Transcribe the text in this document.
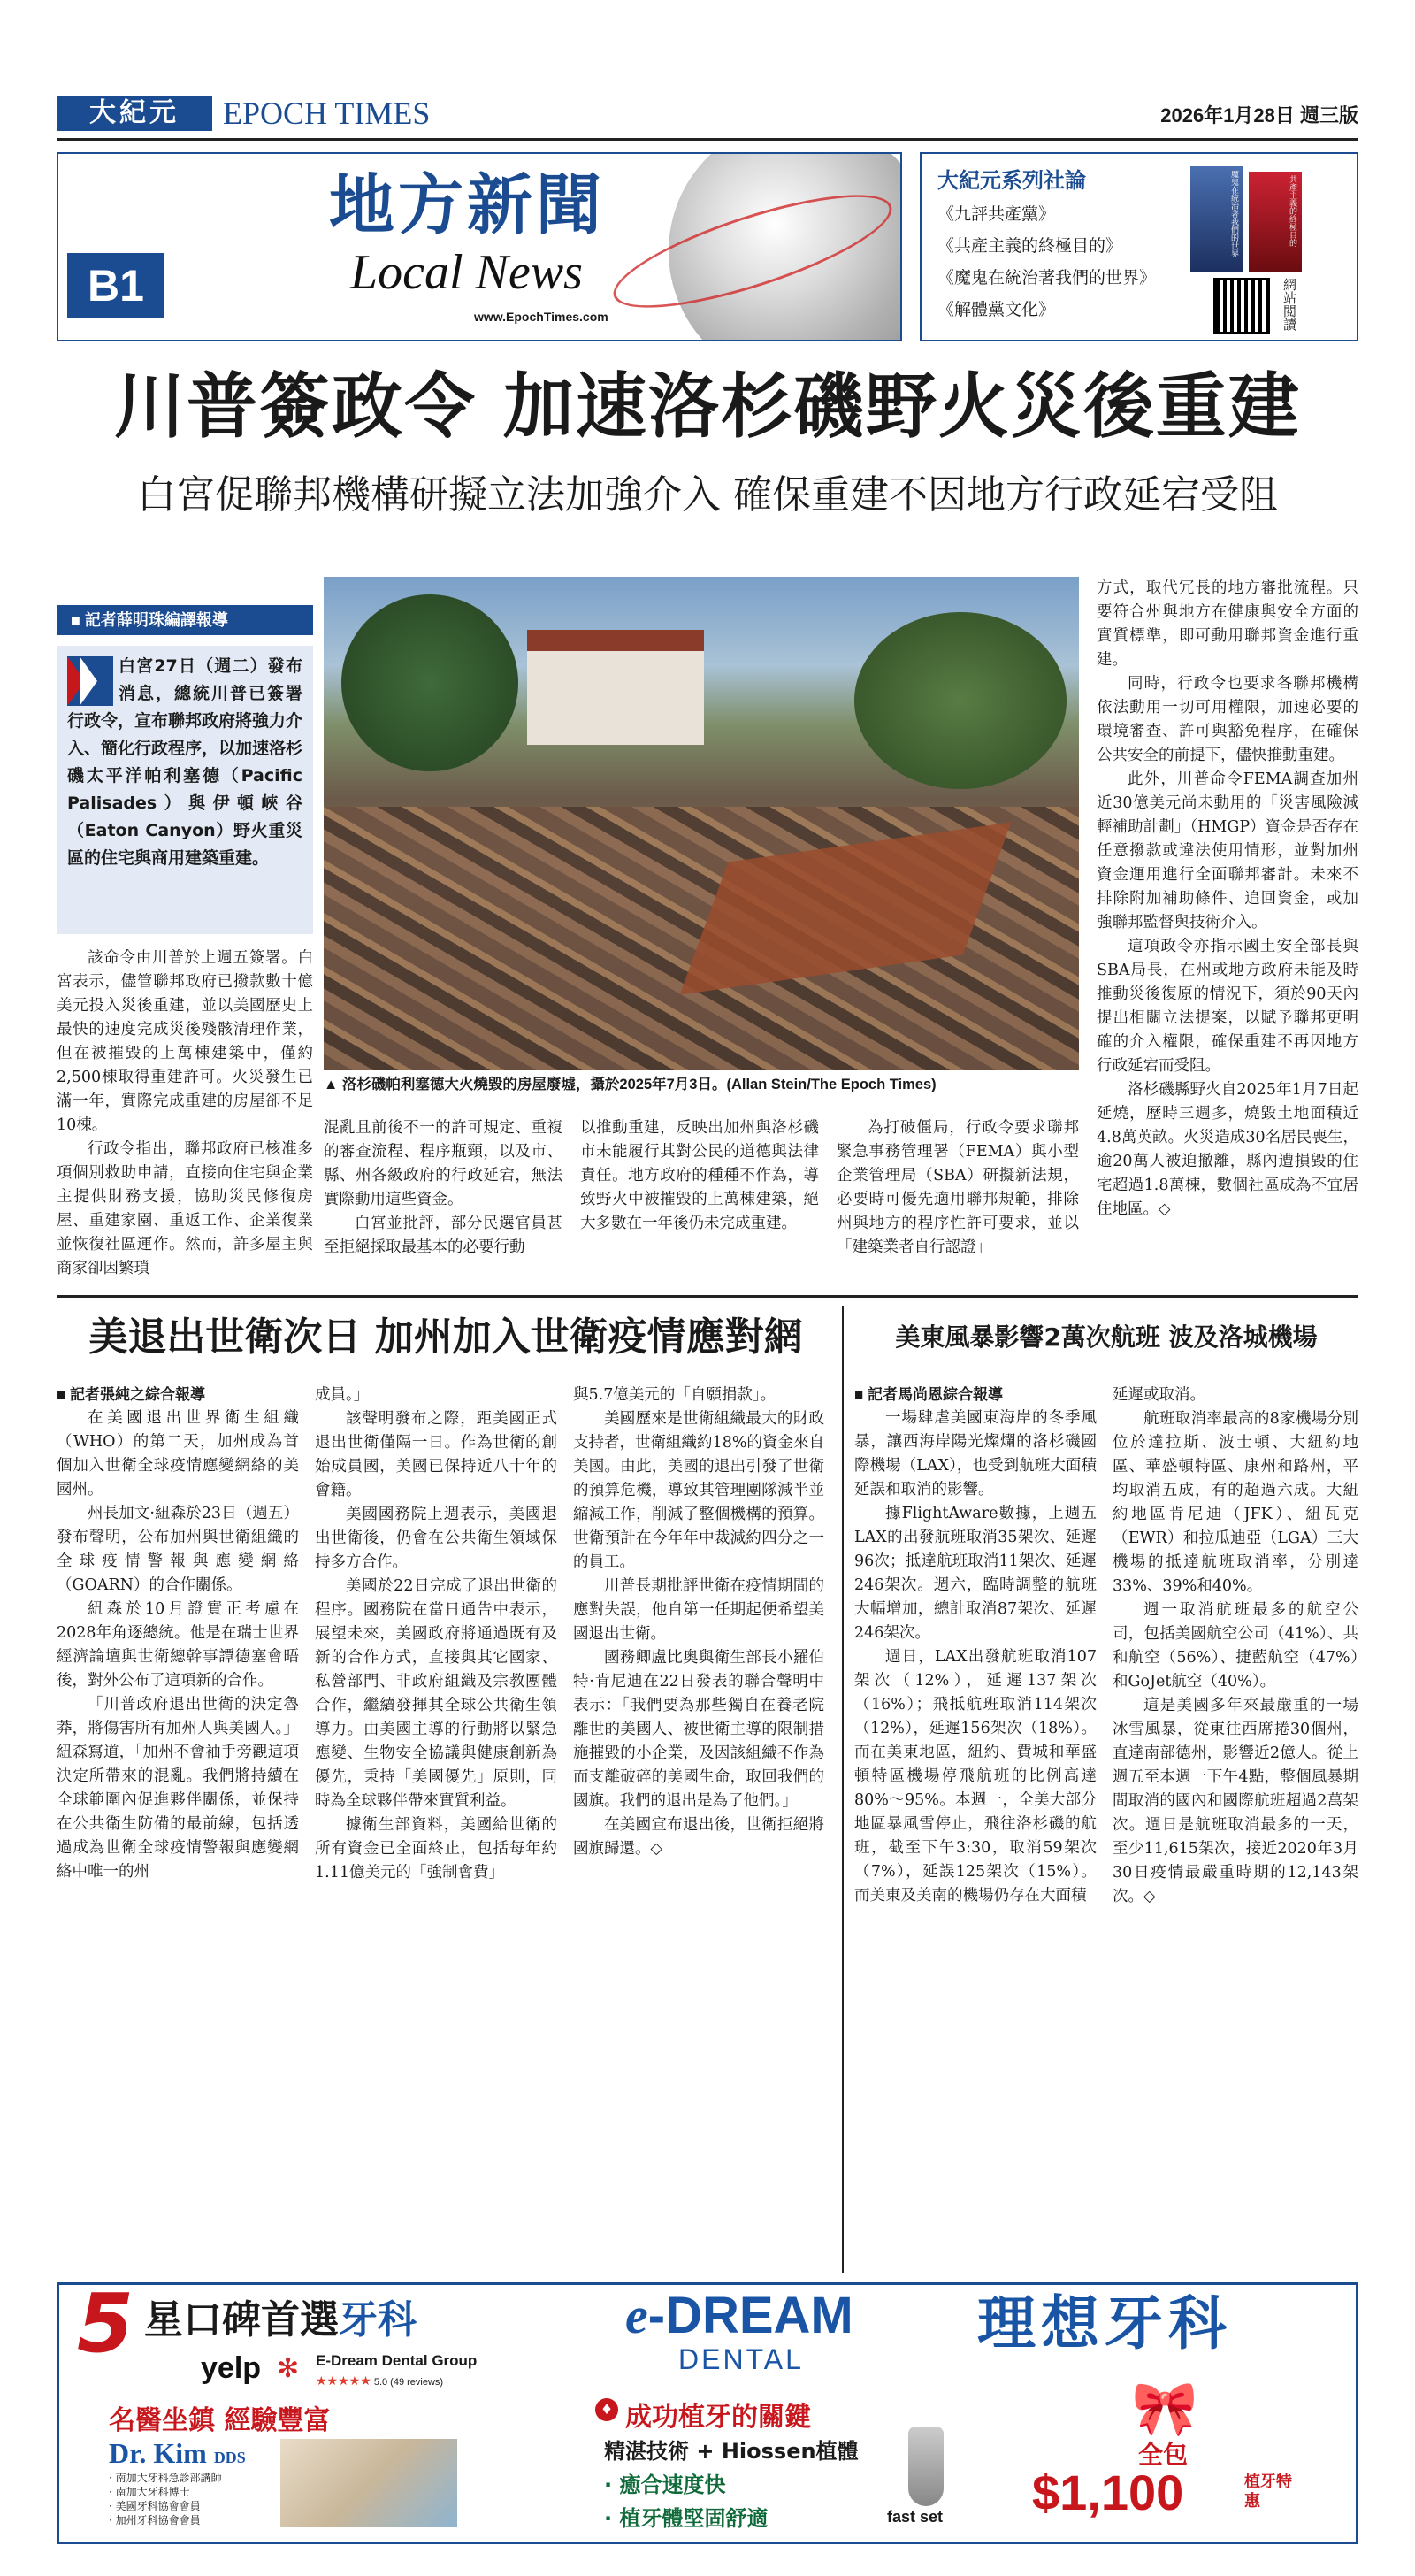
大紀元	EPOCH TIMES	2026年1月28日 週三版
B1
地方新聞
Local News
www.EpochTimes.com
大紀元系列社論
《九評共產黨》
《共產主義的終極目的》
《魔鬼在統治著我們的世界》
《解體黨文化》
魔鬼在統治著我們的世界	共產主義的終極目的
網站閱讀
川普簽政令 加速洛杉磯野火災後重建
白宮促聯邦機構研擬立法加強介入 確保重建不因地方行政延宕受阻
■ 記者薛明珠編譯報導
白宮27日（週二）發布消息，總統川普已簽署行政令，宣布聯邦政府將強力介入、簡化行政程序，以加速洛杉磯太平洋帕利塞德（Pacific Palisades）與伊頓峽谷（Eaton Canyon）野火重災區的住宅與商用建築重建。
▲ 洛杉磯帕利塞德大火燒毀的房屋廢墟，攝於2025年7月3日。(Allan Stein/The Epoch Times)

該命令由川普於上週五簽署。白宮表示，儘管聯邦政府已撥款數十億美元投入災後重建，並以美國歷史上最快的速度完成災後殘骸清理作業，但在被摧毀的上萬棟建築中，僅約2,500棟取得重建許可。火災發生已滿一年，實際完成重建的房屋卻不足10棟。

行政令指出，聯邦政府已核准多項個別救助申請，直接向住宅與企業主提供財務支援，協助災民修復房屋、重建家園、重返工作、企業復業並恢復社區運作。然而，許多屋主與商家卻因繁瑣

混亂且前後不一的許可規定、重複的審查流程、程序瓶頸，以及市、縣、州各級政府的行政延宕，無法實際動用這些資金。

白宮並批評，部分民選官員甚至拒絕採取最基本的必要行動

以推動重建，反映出加州與洛杉磯市未能履行其對公民的道德與法律責任。地方政府的種種不作為，導致野火中被摧毀的上萬棟建築，絕大多數在一年後仍未完成重建。

為打破僵局，行政令要求聯邦緊急事務管理署（FEMA）與小型企業管理局（SBA）研擬新法規，必要時可優先適用聯邦規範，排除州與地方的程序性許可要求，並以「建築業者自行認證」

方式，取代冗長的地方審批流程。只要符合州與地方在健康與安全方面的實質標準，即可動用聯邦資金進行重建。

同時，行政令也要求各聯邦機構依法動用一切可用權限，加速必要的環境審查、許可與豁免程序，在確保公共安全的前提下，儘快推動重建。

此外，川普命令FEMA調查加州近30億美元尚未動用的「災害風險減輕補助計劃」（HMGP）資金是否存在任意撥款或違法使用情形，並對加州資金運用進行全面聯邦審計。未來不排除附加補助條件、追回資金，或加強聯邦監督與技術介入。

這項政令亦指示國土安全部長與SBA局長，在州或地方政府未能及時推動災後復原的情況下，須於90天內提出相關立法提案，以賦予聯邦更明確的介入權限，確保重建不再因地方行政延宕而受阻。

洛杉磯縣野火自2025年1月7日起延燒，歷時三週多，燒毀土地面積近4.8萬英畝。火災造成30名居民喪生，逾20萬人被迫撤離，縣內遭損毀的住宅超過1.8萬棟，數個社區成為不宜居住地區。◇

美退出世衛次日 加州加入世衛疫情應對網
■ 記者張純之綜合報導

在美國退出世界衛生組織（WHO）的第二天，加州成為首個加入世衛全球疫情應變網絡的美國州。

州長加文·紐森於23日（週五）發布聲明，公布加州與世衛組織的全球疫情警報與應變網絡（GOARN）的合作關係。

紐森於10月證實正考慮在2028年角逐總統。他是在瑞士世界經濟論壇與世衛總幹事譚德塞會晤後，對外公布了這項新的合作。

「川普政府退出世衛的決定魯莽，將傷害所有加州人與美國人。」紐森寫道，「加州不會袖手旁觀這項決定所帶來的混亂。我們將持續在全球範圍內促進夥伴關係，並保持在公共衛生防備的最前線，包括透過成為世衛全球疫情警報與應變網絡中唯一的州

成員。」

該聲明發布之際，距美國正式退出世衛僅隔一日。作為世衛的創始成員國，美國已保持近八十年的會籍。

美國國務院上週表示，美國退出世衛後，仍會在公共衛生領域保持多方合作。

美國於22日完成了退出世衛的程序。國務院在當日通告中表示，展望未來，美國政府將通過既有及新的合作方式，直接與其它國家、私營部門、非政府組織及宗教團體合作，繼續發揮其全球公共衛生領導力。由美國主導的行動將以緊急應變、生物安全協議與健康創新為優先，秉持「美國優先」原則，同時為全球夥伴帶來實質利益。

據衛生部資料，美國給世衛的所有資金已全面終止，包括每年約1.11億美元的「強制會費」

與5.7億美元的「自願捐款」。

美國歷來是世衛組織最大的財政支持者，世衛組織約18%的資金來自美國。由此，美國的退出引發了世衛的預算危機，導致其管理團隊減半並縮減工作，削減了整個機構的預算。世衛預計在今年年中裁減約四分之一的員工。

川普長期批評世衛在疫情期間的應對失誤，他自第一任期起便希望美國退出世衛。

國務卿盧比奧與衛生部長小羅伯特·肯尼迪在22日發表的聯合聲明中表示：「我們要為那些獨自在養老院離世的美國人、被世衛主導的限制措施摧毀的小企業，及因該組織不作為而支離破碎的美國生命，取回我們的國旗。我們的退出是為了他們。」

在美國宣布退出後，世衛拒絕將國旗歸還。◇

美東風暴影響2萬次航班 波及洛城機場
■ 記者馬尚恩綜合報導

一場肆虐美國東海岸的冬季風暴，讓西海岸陽光燦爛的洛杉磯國際機場（LAX），也受到航班大面積延誤和取消的影響。

據FlightAware數據，上週五LAX的出發航班取消35架次、延遲96次；抵達航班取消11架次、延遲246架次。週六，臨時調整的航班大幅增加，總計取消87架次、延遲246架次。

週日，LAX出發航班取消107架次（12%），延遲137架次（16%）；飛抵航班取消114架次（12%），延遲156架次（18%）。而在美東地區，紐約、費城和華盛頓特區機場停飛航班的比例高達80%～95%。本週一，全美大部分地區暴風雪停止，飛往洛杉磯的航班，截至下午3:30，取消59架次（7%），延誤125架次（15%）。而美東及美南的機場仍存在大面積

延遲或取消。

航班取消率最高的8家機場分別位於達拉斯、波士頓、大紐約地區、華盛頓特區、康州和路州，平均取消五成，有的超過六成。大紐約地區肯尼迪（JFK）、紐瓦克（EWR）和拉瓜迪亞（LGA）三大機場的抵達航班取消率，分別達33%、39%和40%。

週一取消航班最多的航空公司，包括美國航空公司（41%）、共和航空（56%）、捷藍航空（47%）和GoJet航空（40%）。

這是美國多年來最嚴重的一場冰雪風暴，從東往西席捲30個州，直達南部德州，影響近2億人。從上週五至本週一下午4點，整個風暴期間取消的國內和國際航班超過2萬架次。週日是航班取消最多的一天，至少11,615架次，接近2020年3月30日疫情最嚴重時期的12,143架次。◇

5 星口碑首選牙科
yelp ✻ E-Dream Dental Group
★★★★★ 5.0 (49 reviews)
e-DREAM
DENTAL
理想牙科
名醫坐鎮 經驗豐富
Dr. Kim DDS
· 南加大牙科急診部講師
· 南加大牙科博士
· 美國牙科協會會員
· 加州牙科協會會員
♦ 成功植牙的關鍵
精湛技術 + Hiossen植體
· 癒合速度快
· 植牙體堅固舒適	fast set
🎀
全包
$1,100	植牙特惠
